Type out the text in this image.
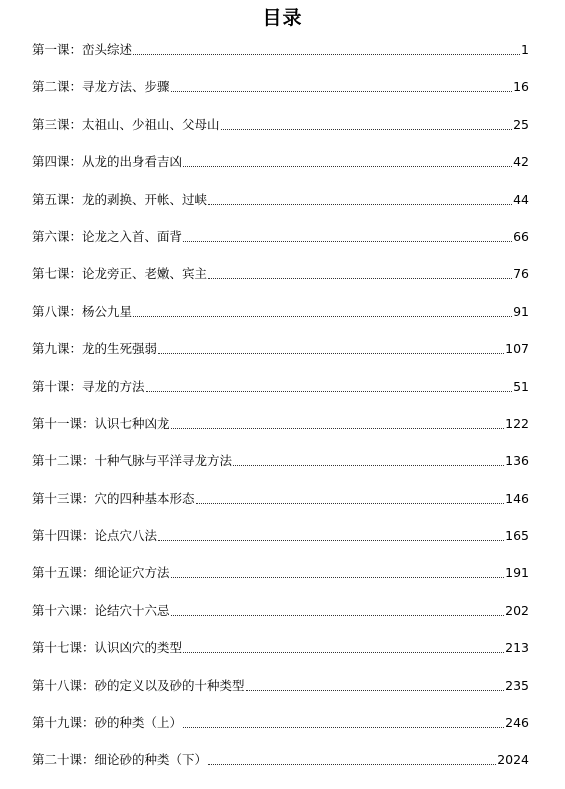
目录
第一课：峦头综述	1
第二课：寻龙方法、步骤	16
第三课：太祖山、少祖山、父母山	25
第四课：从龙的出身看吉凶	42
第五课：龙的剥换、开帐、过峡	44
第六课：论龙之入首、面背	66
第七课：论龙旁正、老嫩、宾主	76
第八课：杨公九星	91
第九课：龙的生死强弱	107
第十课：寻龙的方法	51
第十一课：认识七种凶龙	122
第十二课：十种气脉与平洋寻龙方法	136
第十三课：穴的四种基本形态	146
第十四课：论点穴八法	165
第十五课：细论证穴方法	191
第十六课：论结穴十六忌	202
第十七课：认识凶穴的类型	213
第十八课：砂的定义以及砂的十种类型	235
第十九课：砂的种类（上）	246
第二十课：细论砂的种类（下）	2024
